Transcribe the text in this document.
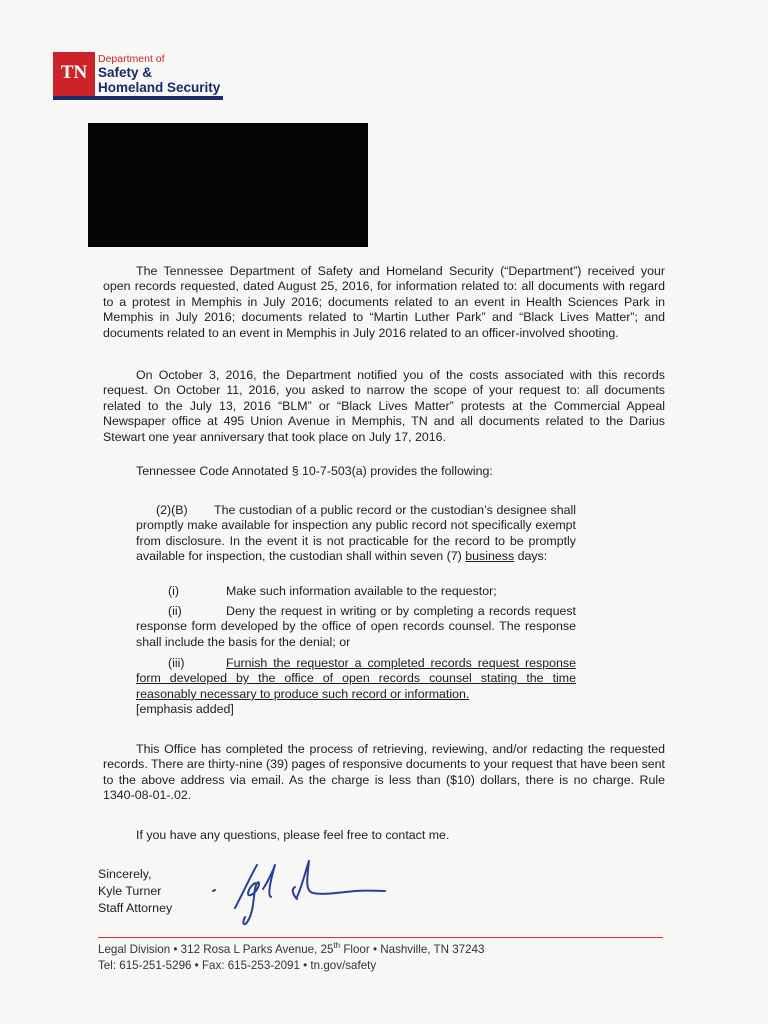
TN
Department of
Safety &
Homeland Security

The Tennessee Department of Safety and Homeland Security (“Department”) received your open records requested, dated August 25, 2016, for information related to: all documents with regard to a protest in Memphis in July 2016; documents related to an event in Health Sciences Park in Memphis in July 2016; documents related to “Martin Luther Park” and “Black Lives Matter”; and documents related to an event in Memphis in July 2016 related to an officer-involved shooting.

On October 3, 2016, the Department notified you of the costs associated with this records request. On October 11, 2016, you asked to narrow the scope of your request to: all documents related to the July 13, 2016 “BLM” or “Black Lives Matter” protests at the Commercial Appeal Newspaper office at 495 Union Avenue in Memphis, TN and all documents related to the Darius Stewart one year anniversary that took place on July 17, 2016.

Tennessee Code Annotated § 10-7-503(a) provides the following:

(2)(B) The custodian of a public record or the custodian’s designee shall promptly make available for inspection any public record not specifically exempt from disclosure. In the event it is not practicable for the record to be promptly available for inspection, the custodian shall within seven (7) business days:
(i)	Make such information available to the requestor;
(ii)	Deny the request in writing or by completing a records request response form developed by the office of open records counsel. The response shall include the basis for the denial; or
(iii)	Furnish the requestor a completed records request response form developed by the office of open records counsel stating the time reasonably necessary to produce such record or information.
[emphasis added]

This Office has completed the process of retrieving, reviewing, and/or redacting the requested records. There are thirty-nine (39) pages of responsive documents to your request that have been sent to the above address via email. As the charge is less than ($10) dollars, there is no charge. Rule 1340-08-01-.02.

If you have any questions, please feel free to contact me.

Sincerely,
Kyle Turner
Staff Attorney
Legal Division • 312 Rosa L Parks Avenue, 25th Floor • Nashville, TN 37243
Tel: 615-251-5296 • Fax: 615-253-2091 • tn.gov/safety
